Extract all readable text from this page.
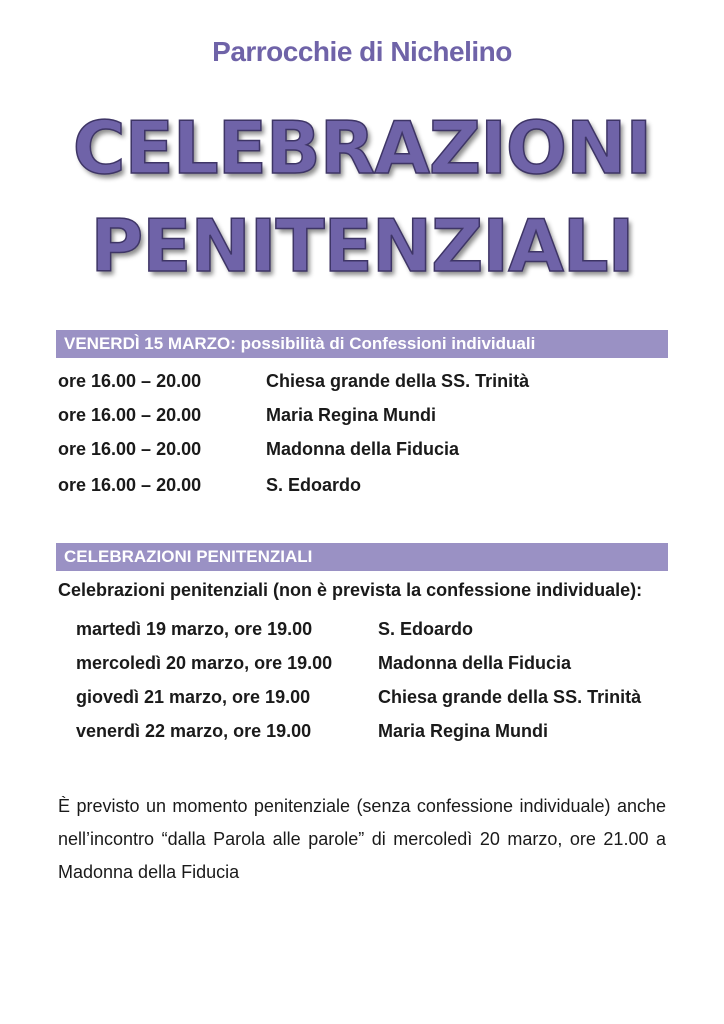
Parrocchie di Nichelino
CELEBRAZIONI
PENITENZIALI
VENERDÌ 15 MARZO: possibilità di Confessioni individuali
ore 16.00 – 20.00	Chiesa grande della SS. Trinità
ore 16.00 – 20.00	Maria Regina Mundi
ore 16.00 – 20.00	Madonna della Fiducia
ore 16.00 – 20.00	S. Edoardo
CELEBRAZIONI PENITENZIALI
Celebrazioni penitenziali (non è prevista la confessione individuale):
martedì 19 marzo, ore 19.00	S. Edoardo
mercoledì 20 marzo, ore 19.00	Madonna della Fiducia
giovedì 21 marzo, ore 19.00	Chiesa grande della SS. Trinità
venerdì 22 marzo, ore 19.00	Maria Regina Mundi
È previsto un momento penitenziale (senza confessione individuale) anche nell’incontro “dalla Parola alle parole” di mercoledì 20 marzo, ore 21.00 a Madonna della Fiducia
